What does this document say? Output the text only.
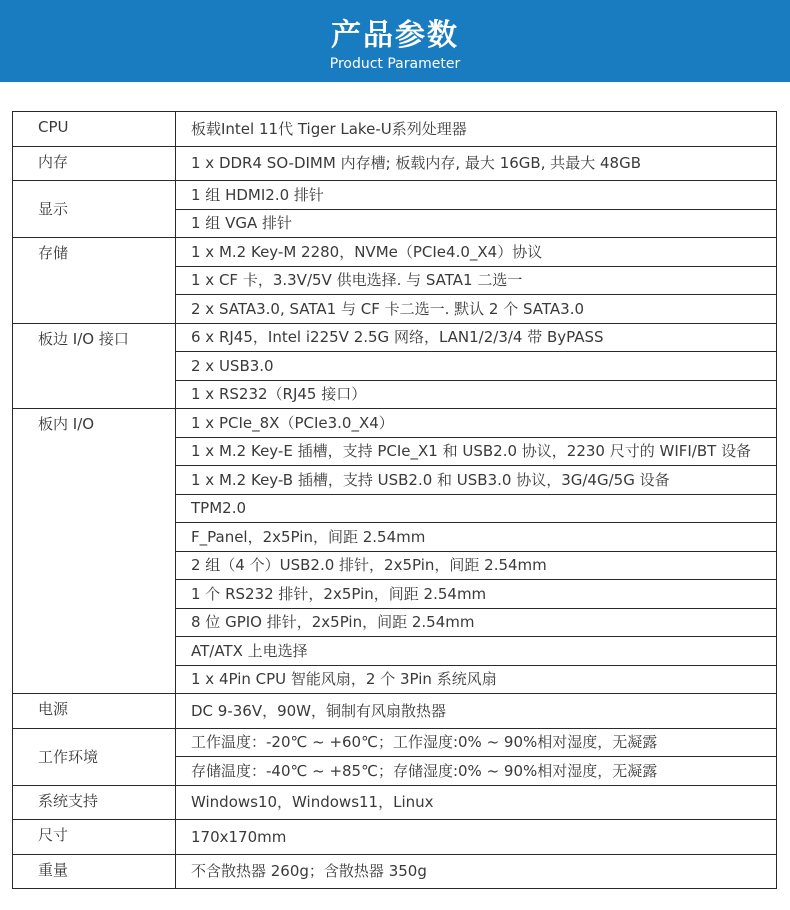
产品参数
Product Parameter
CPU	板载Intel 11代 Tiger Lake-U系列处理器
内存	1 x DDR4 SO-DIMM 内存槽; 板载内存, 最大 16GB, 共最大 48GB
显示	1 组 HDMI2.0 排针
	1 组 VGA 排针
存储	1 x M.2 Key-M 2280，NVMe（PCIe4.0_X4）协议
	1 x CF 卡，3.3V/5V 供电选择. 与 SATA1 二选一
	2 x SATA3.0, SATA1 与 CF 卡二选一. 默认 2 个 SATA3.0
板边 I/O 接口	6 x RJ45，Intel i225V 2.5G 网络，LAN1/2/3/4 带 ByPASS
	2 x USB3.0
	1 x RS232（RJ45 接口）
板内 I/O	1 x PCIe_8X（PCIe3.0_X4）
	1 x M.2 Key-E 插槽，支持 PCIe_X1 和 USB2.0 协议，2230 尺寸的 WIFI/BT 设备
	1 x M.2 Key-B 插槽，支持 USB2.0 和 USB3.0 协议，3G/4G/5G 设备
	TPM2.0
	F_Panel，2x5Pin，间距 2.54mm
	2 组（4 个）USB2.0 排针，2x5Pin，间距 2.54mm
	1 个 RS232 排针，2x5Pin，间距 2.54mm
	8 位 GPIO 排针，2x5Pin，间距 2.54mm
	AT/ATX 上电选择
	1 x 4Pin CPU 智能风扇，2 个 3Pin 系统风扇
电源	DC 9-36V，90W，铜制有风扇散热器
工作环境	工作温度：-20℃ ~ +60℃；工作湿度:0% ~ 90%相对湿度，无凝露
	存储温度：-40℃ ~ +85℃；存储湿度:0% ~ 90%相对湿度，无凝露
系统支持	Windows10，Windows11，Linux
尺寸	170x170mm
重量	不含散热器 260g；含散热器 350g
